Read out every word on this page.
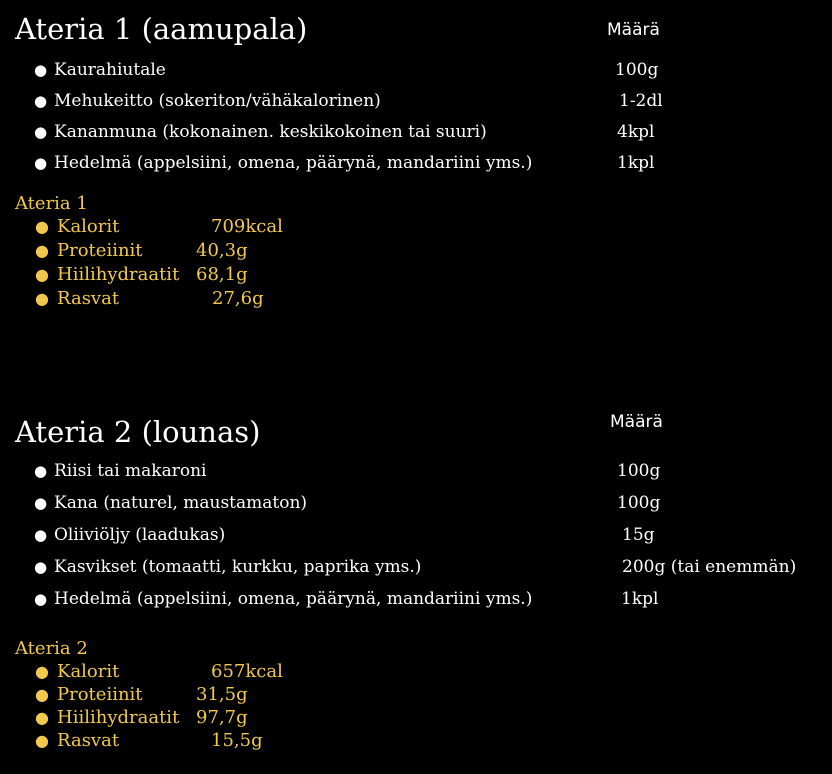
Ateria 1 (aamupala)	Määrä
● Kaurahiutale	100g
● Mehukeitto (sokeriton/vähäkalorinen)	1-2dl
● Kananmuna (kokonainen. keskikokoinen tai suuri)	4kpl
● Hedelmä (appelsiini, omena, päärynä, mandariini yms.)	1kpl
Ateria 1
● Kalorit	709kcal
● Proteiinit	40,3g
● Hiilihydraatit 68,1g
● Rasvat	27,6g
Ateria 2 (lounas)	Määrä
● Riisi tai makaroni	100g
● Kana (naturel, maustamaton)	100g
● Oliiviöljy (laadukas)	15g
● Kasvikset (tomaatti, kurkku, paprika yms.)	200g (tai enemmän)
● Hedelmä (appelsiini, omena, päärynä, mandariini yms.)	1kpl
Ateria 2
● Kalorit	657kcal
● Proteiinit	31,5g
● Hiilihydraatit 97,7g
● Rasvat	15,5g
